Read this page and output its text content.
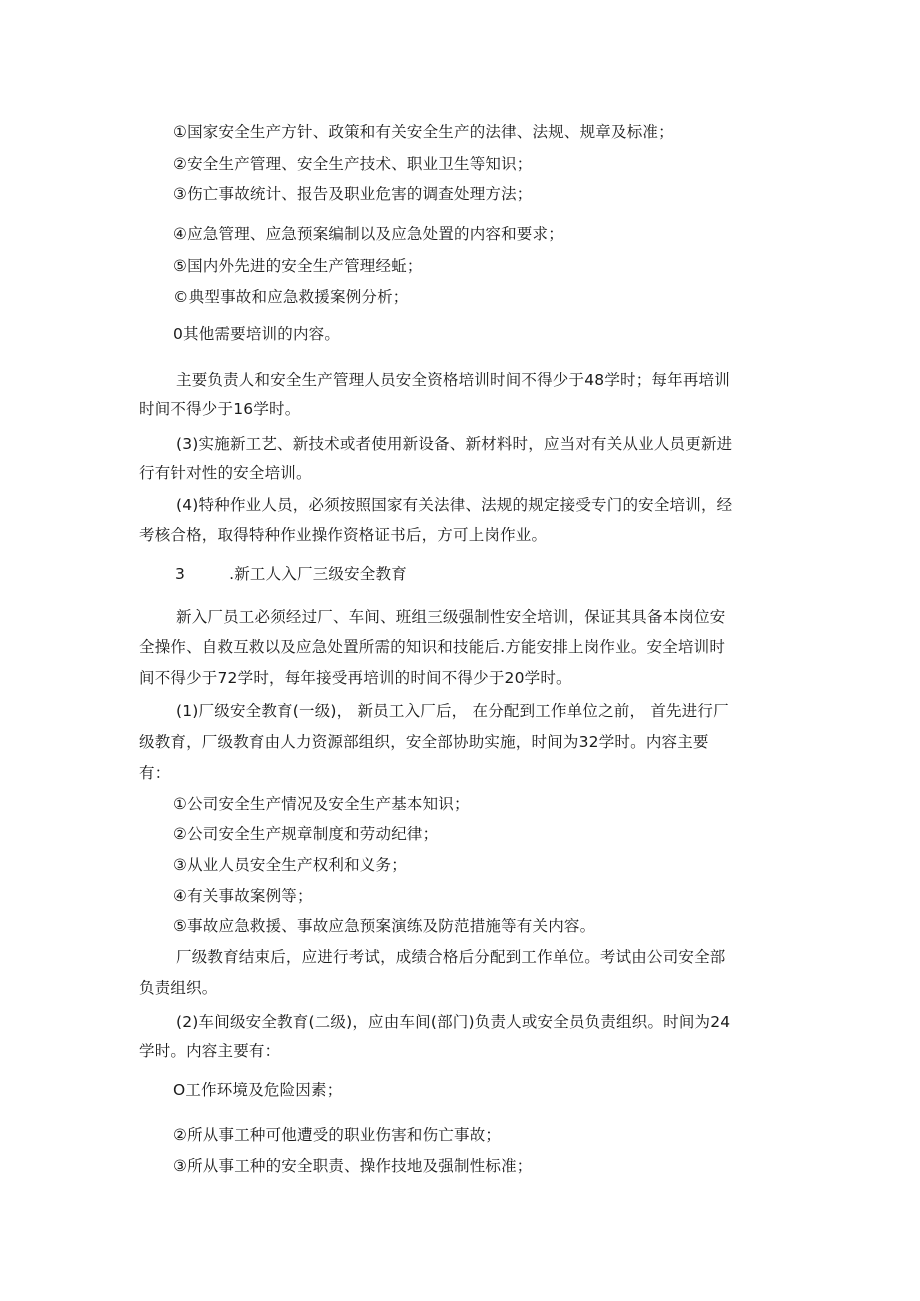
①国家安全生产方针、政策和有关安全生产的法律、法规、规章及标准；
②安全生产管理、安全生产技术、职业卫生等知识；
③伤亡事故统计、报告及职业危害的调查处理方法；
④应急管理、应急预案编制以及应急处置的内容和要求；
⑤国内外先进的安全生产管理经蚯；
©典型事故和应急救援案例分析；
0其他需要培训的内容。
主要负责人和安全生产管理人员安全资格培训时间不得少于48学时；每年再培训
时间不得少于16学时。
(3)实施新工艺、新技术或者使用新设备、新材料时，应当对有关从业人员更新进
行有针对性的安全培训。
(4)特种作业人员，必须按照国家有关法律、法规的规定接受专门的安全培训，经
考核合格，取得特种作业操作资格证书后，方可上岗作业。
3	.新工人入厂三级安全教育
新入厂员工必须经过厂、车间、班组三级强制性安全培训，保证其具备本岗位安
全操作、自救互救以及应急处置所需的知识和技能后.方能安排上岗作业。安全培训时
间不得少于72学时，每年接受再培训的时间不得少于20学时。
(1)厂级安全教育(一级)， 新员工入厂后， 在分配到工作单位之前， 首先进行厂
级教育，厂级教育由人力资源部组织，安全部协助实施，时间为32学时。内容主要
有：
①公司安全生产情况及安全生产基本知识；
②公司安全生产规章制度和劳动纪律；
③从业人员安全生产权利和义务；
④有关事故案例等；
⑤事故应急救援、事故应急预案演练及防范措施等有关内容。
厂级教育结束后，应进行考试，成绩合格后分配到工作单位。考试由公司安全部
负责组织。
(2)车间级安全教育(二级)，应由车间(部门)负责人或安全员负责组织。时间为24
学时。内容主要有：
O工作环境及危险因素；
②所从事工种可他遭受的职业伤害和伤亡事故；
③所从事工种的安全职责、操作技地及强制性标准；
